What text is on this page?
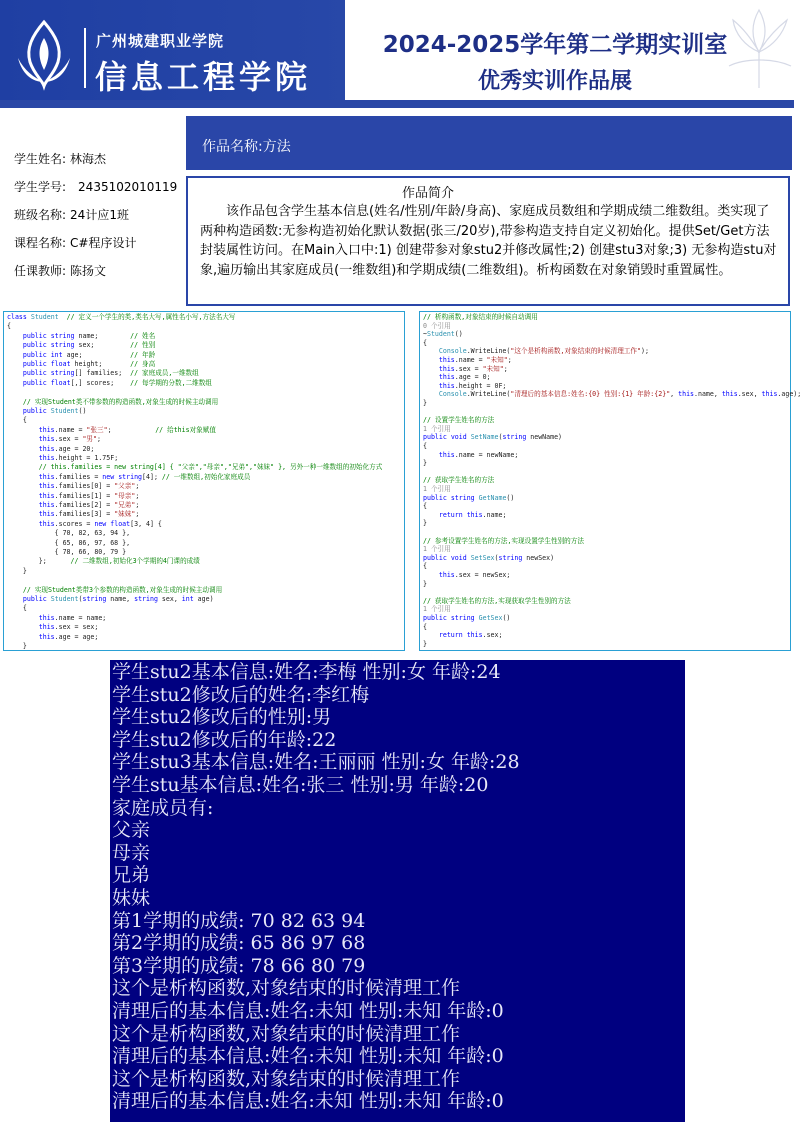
广州城建职业学院
信息工程学院
2024-2025学年第二学期实训室
优秀实训作品展
学生姓名: 林海杰
学生学号: 2435102010119
班级名称: 24计应1班
课程名称: C#程序设计
任课教师: 陈扬文
作品名称:方法
作品简介
该作品包含学生基本信息(姓名/性别/年龄/身高)、家庭成员数组和学期成绩二维数组。类实现了两种构造函数:无参构造初始化默认数据(张三/20岁),带参构造支持自定义初始化。提供Set/Get方法封装属性访问。在Main入口中:1) 创建带参对象stu2并修改属性;2) 创建stu3对象;3) 无参构造stu对象,遍历输出其家庭成员(一维数组)和学期成绩(二维数组)。析构函数在对象销毁时重置属性。
class Student // 定义一个学生的类,类名大写,属性名小写,方法名大写
{
public string name;        // 姓名
public string sex;         // 性别
public int age;            // 年龄
public float height;       // 身高
public string[] families;  // 家庭成员,一维数组
public float[,] scores;    // 每学期的分数,二维数组
// 实现Student类不带参数的构造函数,对象生成的时候主动调用
public Student()
{
this.name = "张三";           // 给this对象赋值
this.sex = "男";
this.age = 20;
this.height = 1.75F;
// this.families = new string[4] { "父亲","母亲","兄弟","妹妹" }, 另外一种一维数组的初始化方式
this.families = new string[4]; // 一维数组,初始化家庭成员
this.families[0] = "父亲";
this.families[1] = "母亲";
this.families[2] = "兄弟";
this.families[3] = "妹妹";
this.scores = new float[3, 4] {
{ 70, 82, 63, 94 },
{ 65, 86, 97, 68 },
{ 78, 66, 80, 79 }
};      // 二维数组,初始化3个学期的4门课的成绩
}
// 实现Student类带3个参数的构造函数,对象生成的时候主动调用
public Student(string name, string sex, int age)
{
this.name = name;
this.sex = sex;
this.age = age;
}
// 析构函数,对象结束的时候自动调用
0 个引用
~Student()
{
Console.WriteLine("这个是析构函数,对象结束的时候清理工作");
this.name = "未知";
this.sex = "未知";
this.age = 0;
this.height = 0F;
Console.WriteLine("清理后的基本信息:姓名:{0} 性别:{1} 年龄:{2}", this.name, this.sex, this.age);
}
// 设置学生姓名的方法
1 个引用
public void SetName(string newName)
{
this.name = newName;
}
// 获取学生姓名的方法
1 个引用
public string GetName()
{
return this.name;
}
// 参考设置学生姓名的方法,实现设置学生性别的方法
1 个引用
public void SetSex(string newSex)
{
this.sex = newSex;
}
// 获取学生姓名的方法,实现获取学生性别的方法
1 个引用
public string GetSex()
{
return this.sex;
}
学生stu2基本信息:姓名:李梅 性别:女 年龄:24
学生stu2修改后的姓名:李红梅
学生stu2修改后的性别:男
学生stu2修改后的年龄:22
学生stu3基本信息:姓名:王丽丽 性别:女 年龄:28
学生stu基本信息:姓名:张三 性别:男 年龄:20
家庭成员有:
父亲
母亲
兄弟
妹妹
第1学期的成绩: 70 82 63 94
第2学期的成绩: 65 86 97 68
第3学期的成绩: 78 66 80 79
这个是析构函数,对象结束的时候清理工作
清理后的基本信息:姓名:未知 性别:未知 年龄:0
这个是析构函数,对象结束的时候清理工作
清理后的基本信息:姓名:未知 性别:未知 年龄:0
这个是析构函数,对象结束的时候清理工作
清理后的基本信息:姓名:未知 性别:未知 年龄:0
